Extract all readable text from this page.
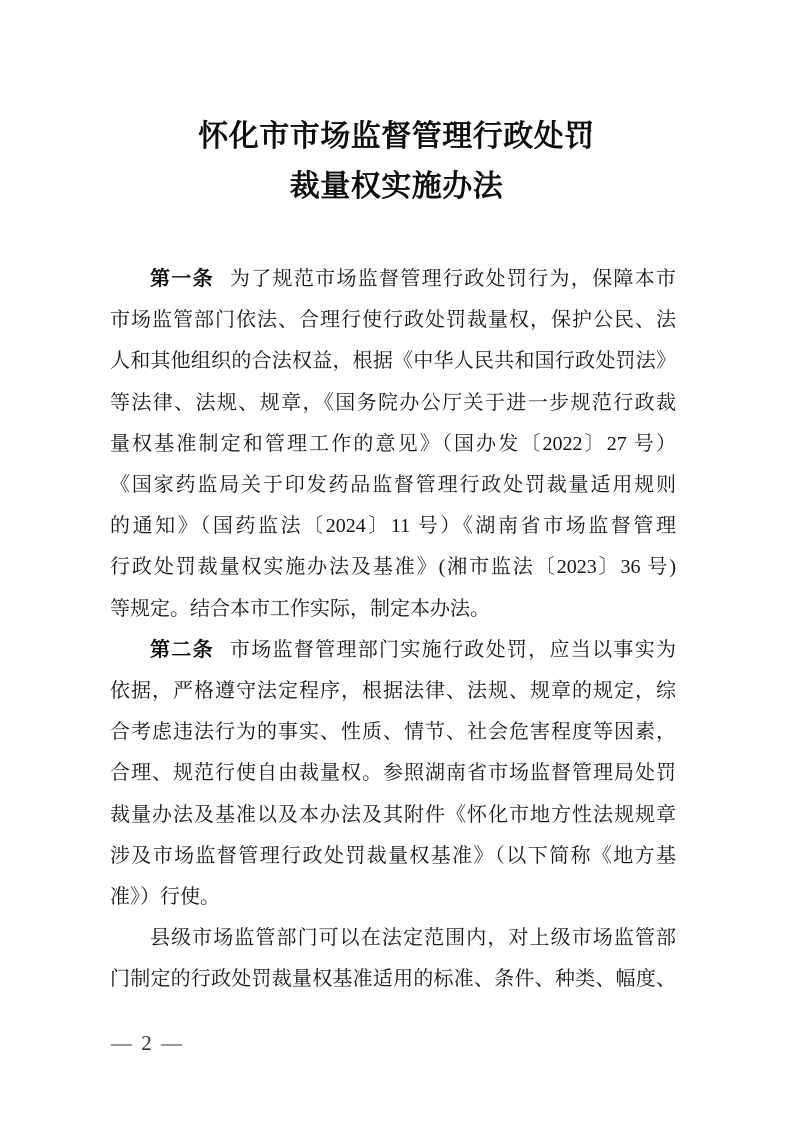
怀化市市场监督管理行政处罚
裁量权实施办法

第一条 为了规范市场监督管理行政处罚行为，保障本市

市场监管部门依法、合理行使行政处罚裁量权，保护公民、法

人和其他组织的合法权益，根据《中华人民共和国行政处罚法》

等法律、法规、规章，《国务院办公厅关于进一步规范行政裁

量权基准制定和管理工作的意见》（国办发〔2022〕27 号）

《国家药监局关于印发药品监督管理行政处罚裁量适用规则

的通知》（国药监法〔2024〕11 号）《湖南省市场监督管理

行政处罚裁量权实施办法及基准》(湘市监法〔2023〕36 号)

等规定。结合本市工作实际，制定本办法。

第二条 市场监督管理部门实施行政处罚，应当以事实为

依据，严格遵守法定程序，根据法律、法规、规章的规定，综

合考虑违法行为的事实、性质、情节、社会危害程度等因素，

合理、规范行使自由裁量权。参照湖南省市场监督管理局处罚

裁量办法及基准以及本办法及其附件《怀化市地方性法规规章

涉及市场监督管理行政处罚裁量权基准》（以下简称《地方基

准》）行使。

县级市场监管部门可以在法定范围内，对上级市场监管部

门制定的行政处罚裁量权基准适用的标准、条件、种类、幅度、

— 2 —
